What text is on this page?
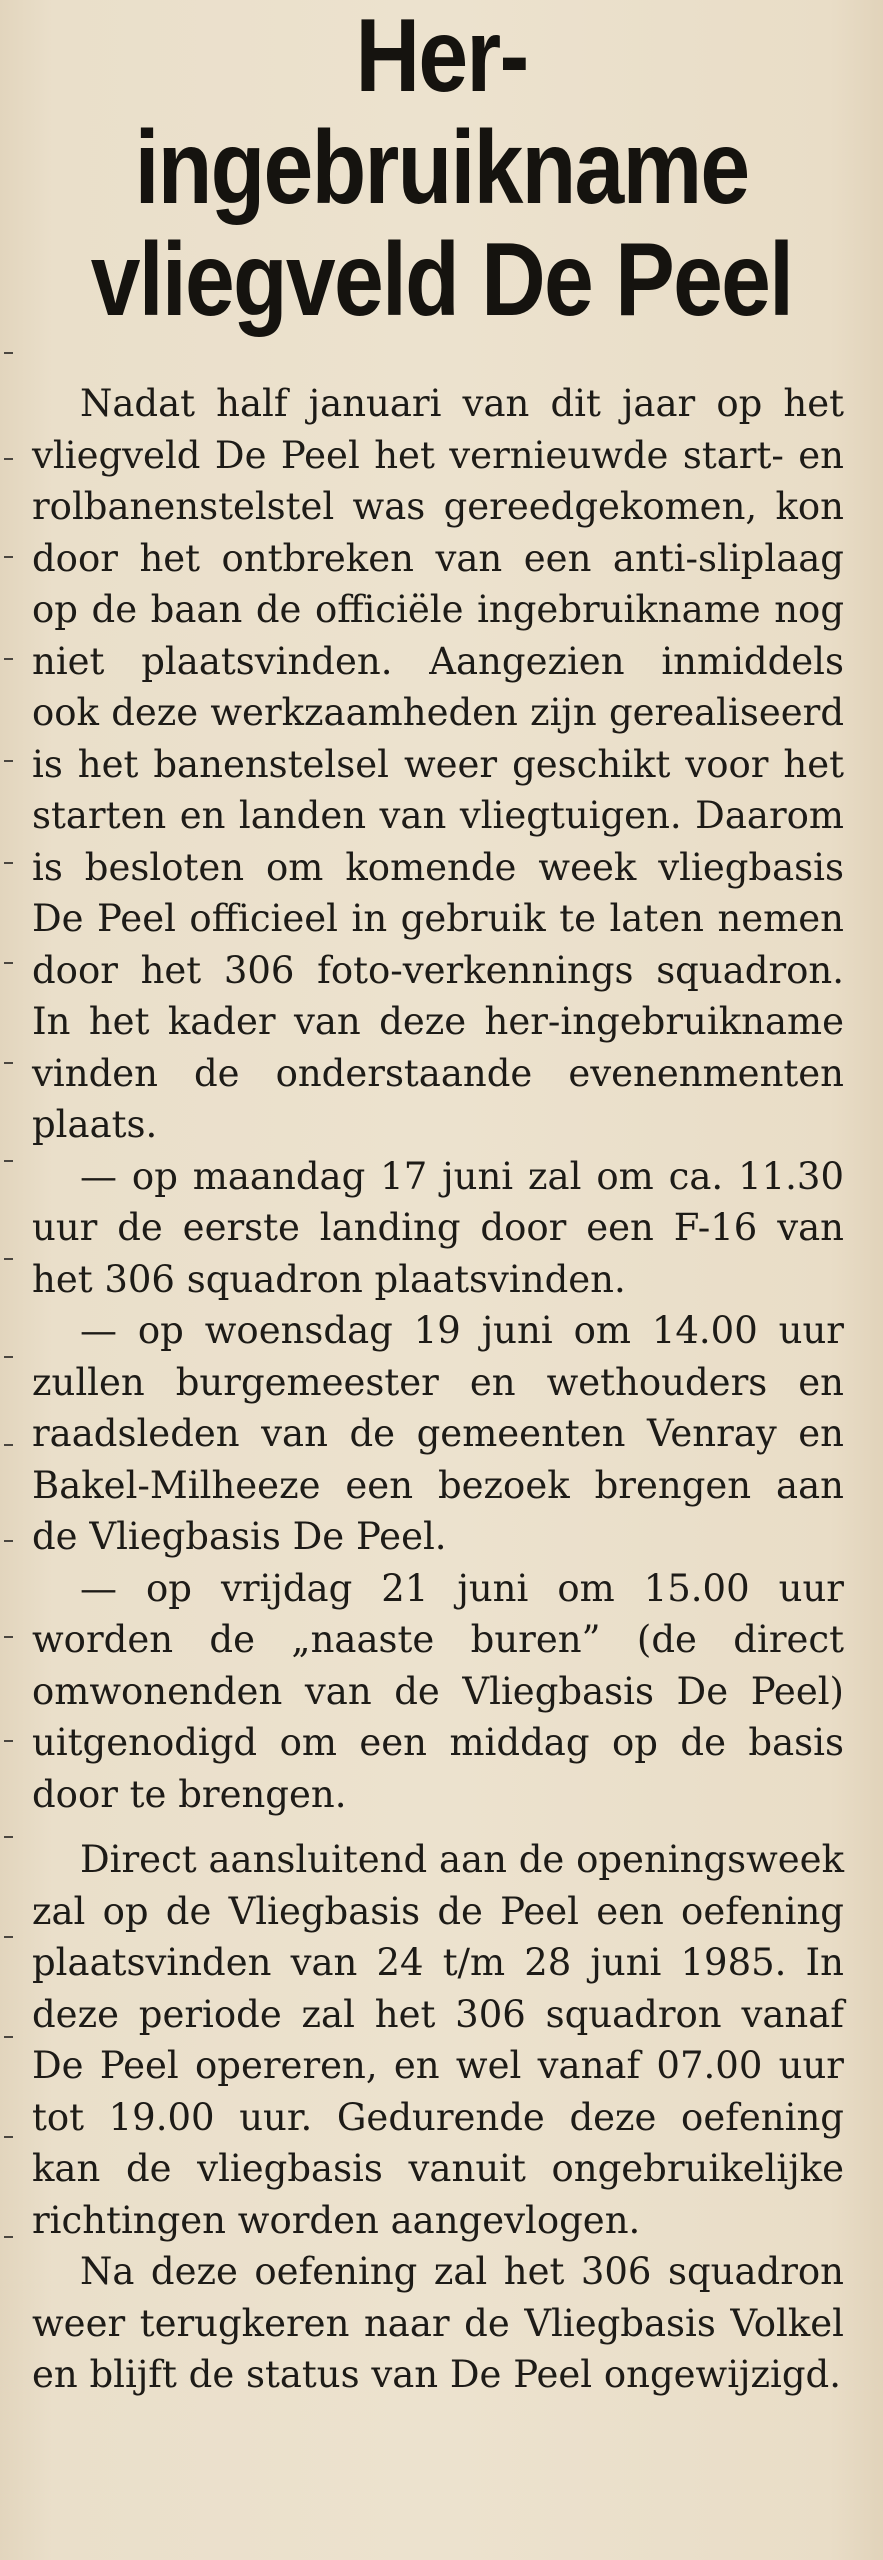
Her-
ingebruikname
vliegveld De Peel

Nadat half januari van dit jaar op het vliegveld De Peel het vernieuwde start- en rolbanenstelstel was gereedgekomen, kon door het ontbreken van een anti-sliplaag op de baan de officiële ingebruikname nog niet plaatsvinden. Aangezien inmiddels ook deze werkzaamheden zijn gerealiseerd is het banenstelsel weer geschikt voor het starten en landen van vliegtuigen. Daarom is besloten om komende week vliegbasis De Peel officieel in gebruik te laten nemen door het 306 foto-verkennings squadron. In het kader van deze her-ingebruikname vinden de onderstaande evenenmenten plaats.

— op maandag 17 juni zal om ca. 11.30 uur de eerste landing door een F-16 van het 306 squadron plaatsvinden.

— op woensdag 19 juni om 14.00 uur zullen burgemeester en wethouders en raadsleden van de gemeenten Venray en Bakel-Milheeze een bezoek brengen aan de Vliegbasis De Peel.

— op vrijdag 21 juni om 15.00 uur worden de „naaste buren” (de direct omwonenden van de Vliegbasis De Peel) uitgenodigd om een middag op de basis door te brengen.

Direct aansluitend aan de openingsweek zal op de Vliegbasis de Peel een oefening plaatsvinden van 24 t/m 28 juni 1985. In deze periode zal het 306 squadron vanaf De Peel opereren, en wel vanaf 07.00 uur tot 19.00 uur. Gedurende deze oefening kan de vliegbasis vanuit ongebruikelijke richtingen worden aangevlogen.

Na deze oefening zal het 306 squadron weer terugkeren naar de Vliegbasis Volkel en blijft de status van De Peel ongewijzigd.
